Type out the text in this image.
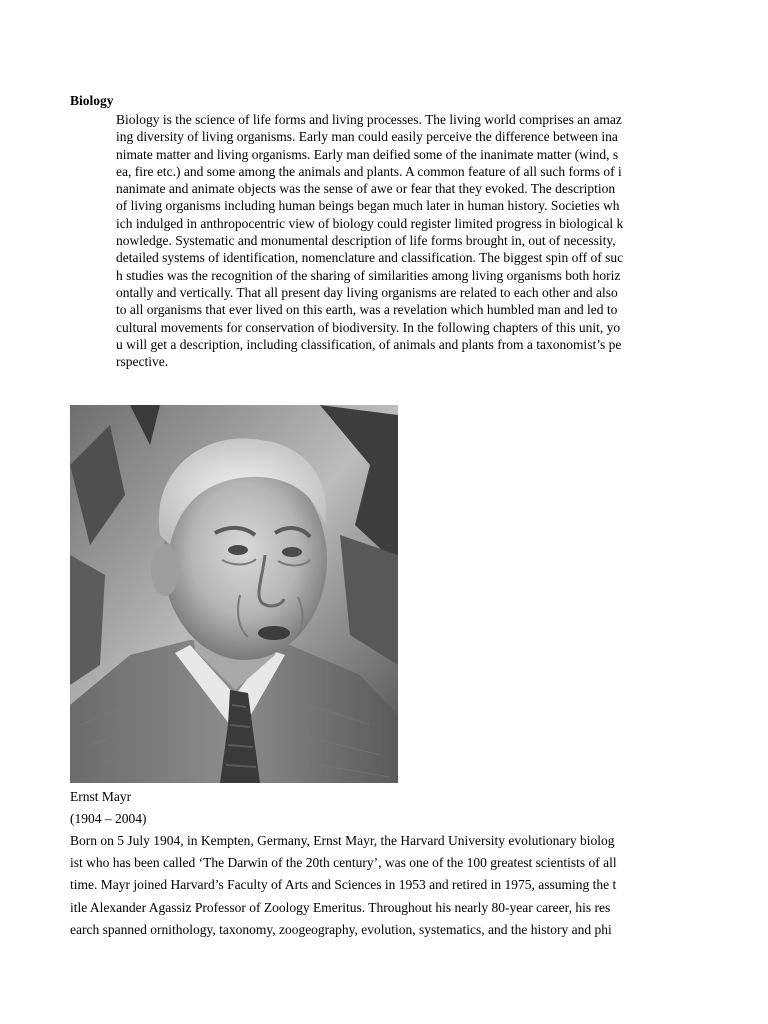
Biology

Biology is the science of life forms and living processes. The living world comprises an amaz
ing diversity of living organisms. Early man could easily perceive the difference between ina
nimate matter and living organisms. Early man deified some of the inanimate matter (wind, s
ea, fire etc.) and some among the animals and plants. A common feature of all such forms of i
nanimate and animate objects was the sense of awe or fear that they evoked. The description
of living organisms including human beings began much later in human history. Societies wh
ich indulged in anthropocentric view of biology could register limited progress in biological k
nowledge. Systematic and monumental description of life forms brought in, out of necessity,
detailed systems of identification, nomenclature and classification. The biggest spin off of suc
h studies was the recognition of the sharing of similarities among living organisms both horiz
ontally and vertically. That all present day living organisms are related to each other and also
to all organisms that ever lived on this earth, was a revelation which humbled man and led to
cultural movements for conservation of biodiversity. In the following chapters of this unit, yo
u will get a description, including classification, of animals and plants from a taxonomist’s pe
rspective.

Ernst Mayr
(1904 – 2004)

Born on 5 July 1904, in Kempten, Germany, Ernst Mayr, the Harvard University evolutionary biolog
ist who has been called ‘The Darwin of the 20th century’, was one of the 100 greatest scientists of all
time. Mayr joined Harvard’s Faculty of Arts and Sciences in 1953 and retired in 1975, assuming the t
itle Alexander Agassiz Professor of Zoology Emeritus. Throughout his nearly 80-year career, his res
earch spanned ornithology, taxonomy, zoogeography, evolution, systematics, and the history and phi
